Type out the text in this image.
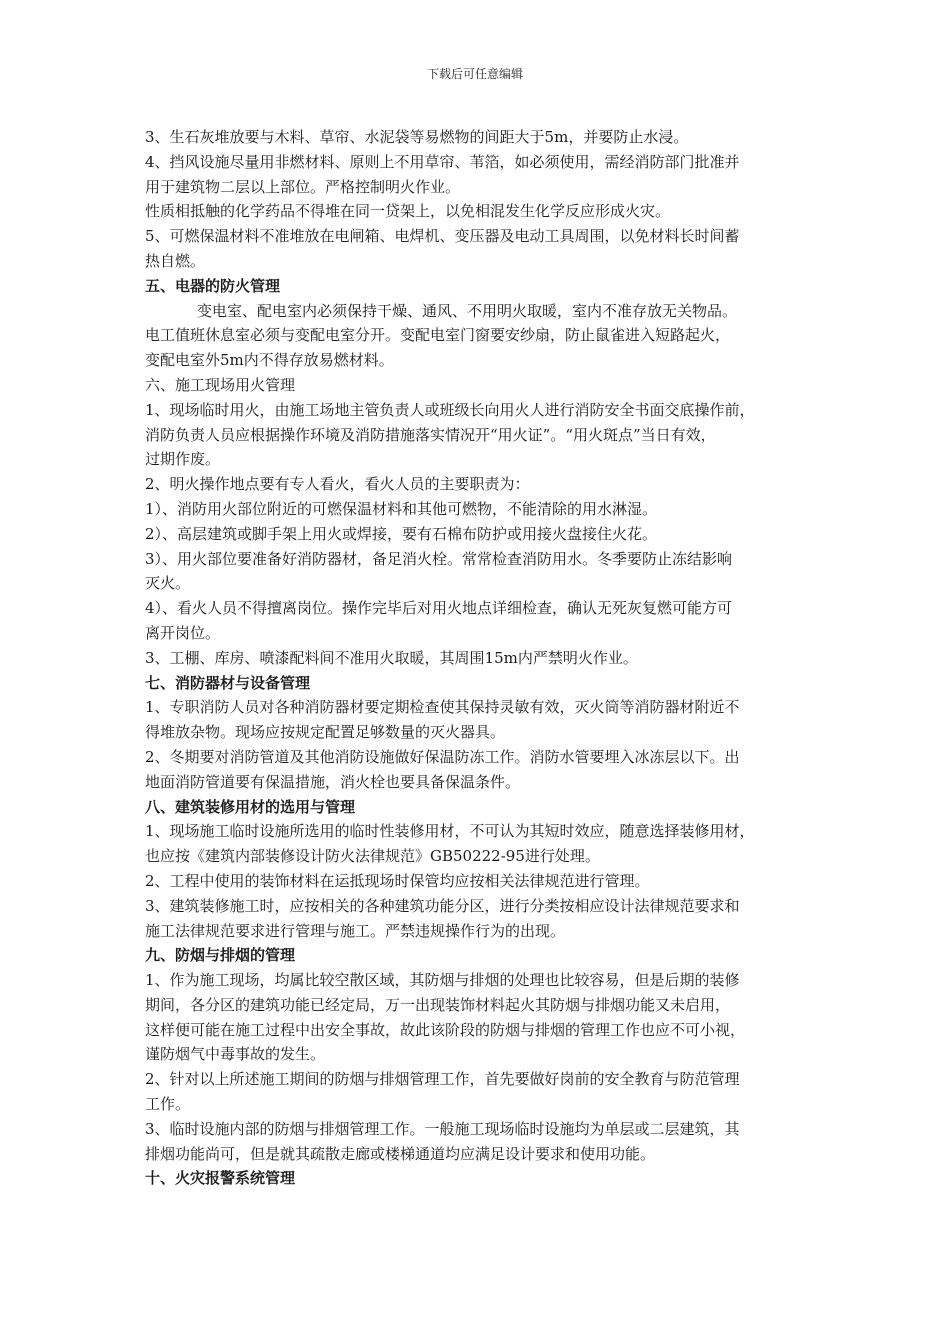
下载后可任意编辑
3、生石灰堆放要与木料、草帘、水泥袋等易燃物的间距大于5m，并要防止水浸。
4、挡风设施尽量用非燃材料、原则上不用草帘、苇箔，如必须使用，需经消防部门批准并
用于建筑物二层以上部位。严格控制明火作业。
性质相抵触的化学药品不得堆在同一贷架上，以免相混发生化学反应形成火灾。
5、可燃保温材料不准堆放在电闸箱、电焊机、变压器及电动工具周围，以免材料长时间蓄
热自燃。
五、电器的防火管理
变电室、配电室内必须保持干燥、通风、不用明火取暖，室内不准存放无关物品。
电工值班休息室必须与变配电室分开。变配电室门窗要安纱扇，防止鼠雀进入短路起火，
变配电室外5m内不得存放易燃材料。
六、施工现场用火管理
1、现场临时用火，由施工场地主管负责人或班级长向用火人进行消防安全书面交底操作前，
消防负责人员应根据操作环境及消防措施落实情况开“用火证”。“用火斑点”当日有效，
过期作废。
2、明火操作地点要有专人看火，看火人员的主要职责为：
1）、消防用火部位附近的可燃保温材料和其他可燃物，不能清除的用水淋湿。
2）、高层建筑或脚手架上用火或焊接，要有石棉布防护或用接火盘接住火花。
3）、用火部位要准备好消防器材，备足消火栓。常常检查消防用水。冬季要防止冻结影响
灭火。
4）、看火人员不得擅离岗位。操作完毕后对用火地点详细检查，确认无死灰复燃可能方可
离开岗位。
3、工棚、库房、喷漆配料间不准用火取暖，其周围15m内严禁明火作业。
七、消防器材与设备管理
1、专职消防人员对各种消防器材要定期检查使其保持灵敏有效，灭火筒等消防器材附近不
得堆放杂物。现场应按规定配置足够数量的灭火器具。
2、冬期要对消防管道及其他消防设施做好保温防冻工作。消防水管要埋入冰冻层以下。出
地面消防管道要有保温措施，消火栓也要具备保温条件。
八、建筑装修用材的选用与管理
1、现场施工临时设施所选用的临时性装修用材，不可认为其短时效应，随意选择装修用材，
也应按《建筑内部装修设计防火法律规范》GB50222-95进行处理。
2、工程中使用的装饰材料在运抵现场时保管均应按相关法律规范进行管理。
3、建筑装修施工时，应按相关的各种建筑功能分区，进行分类按相应设计法律规范要求和
施工法律规范要求进行管理与施工。严禁违规操作行为的出现。
九、防烟与排烟的管理
1、作为施工现场，均属比较空散区域，其防烟与排烟的处理也比较容易，但是后期的装修
期间，各分区的建筑功能已经定局，万一出现装饰材料起火其防烟与排烟功能又未启用，
这样便可能在施工过程中出安全事故，故此该阶段的防烟与排烟的管理工作也应不可小视，
谨防烟气中毒事故的发生。
2、针对以上所述施工期间的防烟与排烟管理工作，首先要做好岗前的安全教育与防范管理
工作。
3、临时设施内部的防烟与排烟管理工作。一般施工现场临时设施均为单层或二层建筑，其
排烟功能尚可，但是就其疏散走廊或楼梯通道均应满足设计要求和使用功能。
十、火灾报警系统管理
